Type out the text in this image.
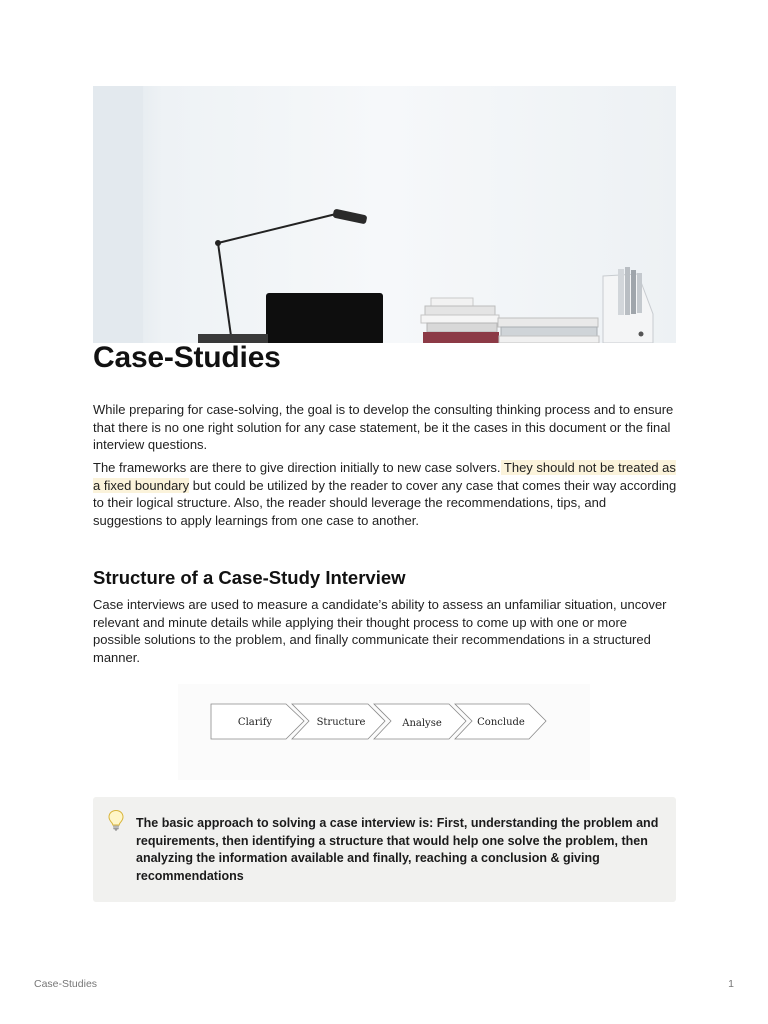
Case-Studies

While preparing for case-solving, the goal is to develop the consulting thinking process and to ensure that there is no one right solution for any case statement, be it the cases in this document or the final interview questions.

The frameworks are there to give direction initially to new case solvers. They should not be treated as a fixed boundary but could be utilized by the reader to cover any case that comes their way according to their logical structure. Also, the reader should leverage the recommendations, tips, and suggestions to apply learnings from one case to another.

Structure of a Case-Study Interview

Case interviews are used to measure a candidate’s ability to assess an unfamiliar situation, uncover relevant and minute details while applying their thought process to come up with one or more possible solutions to the problem, and finally communicate their recommendations in a structured manner.

Clarify	Structure	Analyse	Conclude

The basic approach to solving a case interview is: First, understanding the problem and requirements, then identifying a structure that would help one solve the problem, then analyzing the information available and finally, reaching a conclusion & giving recommendations

Case-Studies	1
